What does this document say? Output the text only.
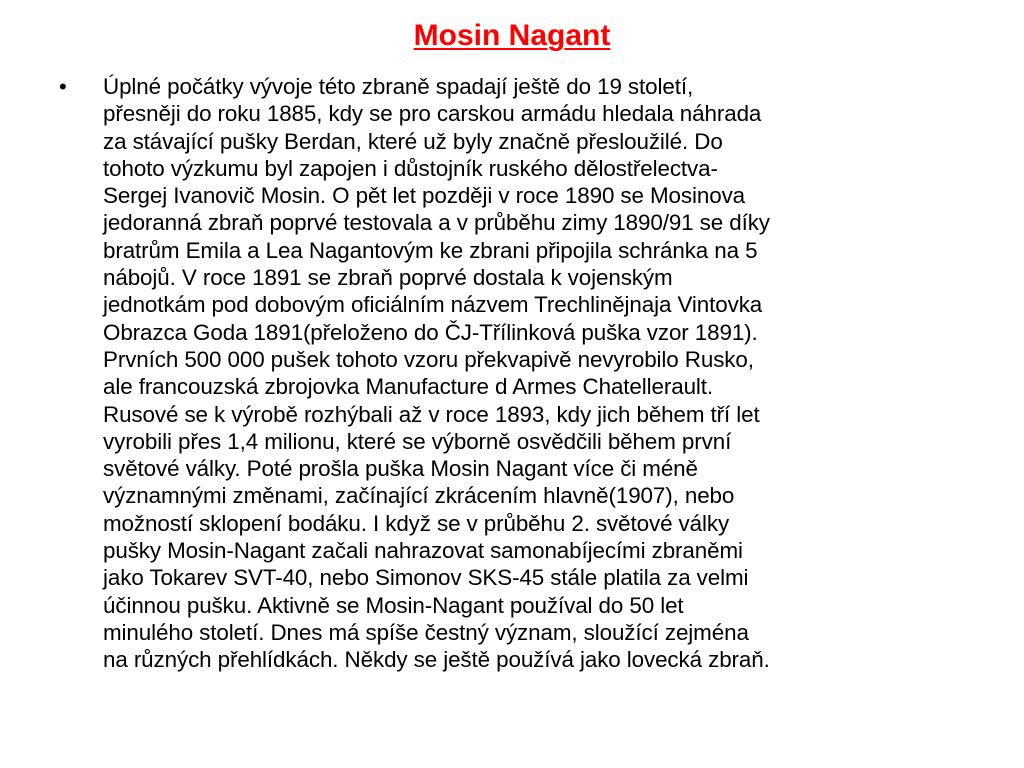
Mosin Nagant
• Úplné počátky vývoje této zbraně spadají ještě do 19 století,
přesněji do roku 1885, kdy se pro carskou armádu hledala náhrada
za stávající pušky Berdan, které už byly značně přesloužilé. Do
tohoto výzkumu byl zapojen i důstojník ruského dělostřelectva-
Sergej Ivanovič Mosin. O pět let později v roce 1890 se Mosinova
jedoranná zbraň poprvé testovala a v průběhu zimy 1890/91 se díky
bratrům Emila a Lea Nagantovým ke zbrani připojila schránka na 5
nábojů. V roce 1891 se zbraň poprvé dostala k vojenským
jednotkám pod dobovým oficiálním názvem Trechlinějnaja Vintovka
Obrazca Goda 1891(přeloženo do ČJ-Třílinková puška vzor 1891).
Prvních 500 000 pušek tohoto vzoru překvapivě nevyrobilo Rusko,
ale francouzská zbrojovka Manufacture d Armes Chatellerault.
Rusové se k výrobě rozhýbali až v roce 1893, kdy jich během tří let
vyrobili přes 1,4 milionu, které se výborně osvědčili během první
světové války. Poté prošla puška Mosin Nagant více či méně
významnými změnami, začínající zkrácením hlavně(1907), nebo
možností sklopení bodáku. I když se v průběhu 2. světové války
pušky Mosin-Nagant začali nahrazovat samonabíjecími zbraněmi
jako Tokarev SVT-40, nebo Simonov SKS-45 stále platila za velmi
účinnou pušku. Aktivně se Mosin-Nagant používal do 50 let
minulého století. Dnes má spíše čestný význam, sloužící zejména
na různých přehlídkách. Někdy se ještě používá jako lovecká zbraň.
